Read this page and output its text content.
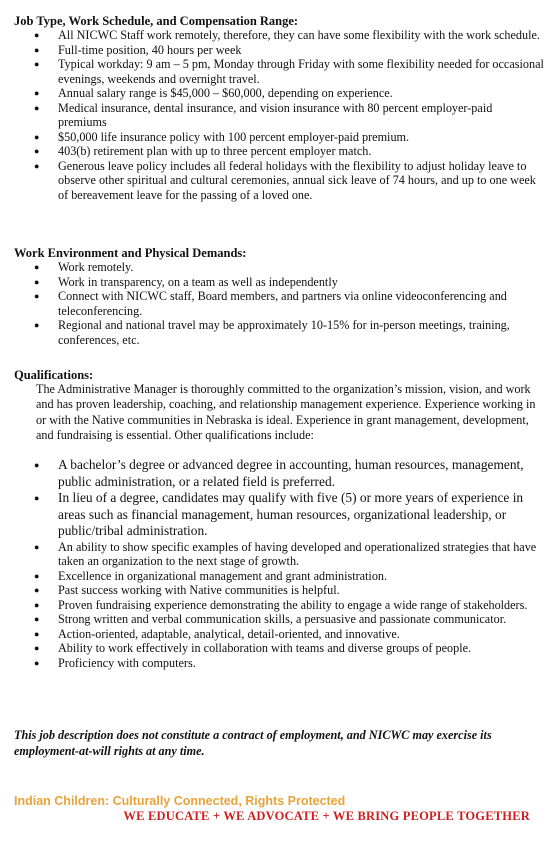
Job Type, Work Schedule, and Compensation Range:

● All NICWC Staff work remotely, therefore, they can have some flexibility with the work schedule.
● Full-time position, 40 hours per week
● Typical workday: 9 am – 5 pm, Monday through Friday with some flexibility needed for occasional evenings, weekends and overnight travel.
● Annual salary range is $45,000 – $60,000, depending on experience.
● Medical insurance, dental insurance, and vision insurance with 80 percent employer-paid premiums
● $50,000 life insurance policy with 100 percent employer-paid premium.
● 403(b) retirement plan with up to three percent employer match.
● Generous leave policy includes all federal holidays with the flexibility to adjust holiday leave to observe other spiritual and cultural ceremonies, annual sick leave of 74 hours, and up to one week of bereavement leave for the passing of a loved one.

Work Environment and Physical Demands:

● Work remotely.
● Work in transparency, on a team as well as independently
● Connect with NICWC staff, Board members, and partners via online videoconferencing and teleconferencing.
● Regional and national travel may be approximately 10-15% for in-person meetings, training, conferences, etc.

Qualifications:

The Administrative Manager is thoroughly committed to the organization’s mission, vision, and work and has proven leadership, coaching, and relationship management experience. Experience working in or with the Native communities in Nebraska is ideal. Experience in grant management, development, and fundraising is essential. Other qualifications include:

● A bachelor’s degree or advanced degree in accounting, human resources, management, public administration, or a related field is preferred.
● In lieu of a degree, candidates may qualify with five (5) or more years of experience in areas such as financial management, human resources, organizational leadership, or public/tribal administration.
● An ability to show specific examples of having developed and operationalized strategies that have taken an organization to the next stage of growth.
● Excellence in organizational management and grant administration.
● Past success working with Native communities is helpful.
● Proven fundraising experience demonstrating the ability to engage a wide range of stakeholders.
● Strong written and verbal communication skills, a persuasive and passionate communicator.
● Action-oriented, adaptable, analytical, detail-oriented, and innovative.
● Ability to work effectively in collaboration with teams and diverse groups of people.
● Proficiency with computers.

This job description does not constitute a contract of employment, and NICWC may exercise its employment-at-will rights at any time.

Indian Children: Culturally Connected, Rights Protected
WE EDUCATE + WE ADVOCATE + WE BRING PEOPLE TOGETHER
